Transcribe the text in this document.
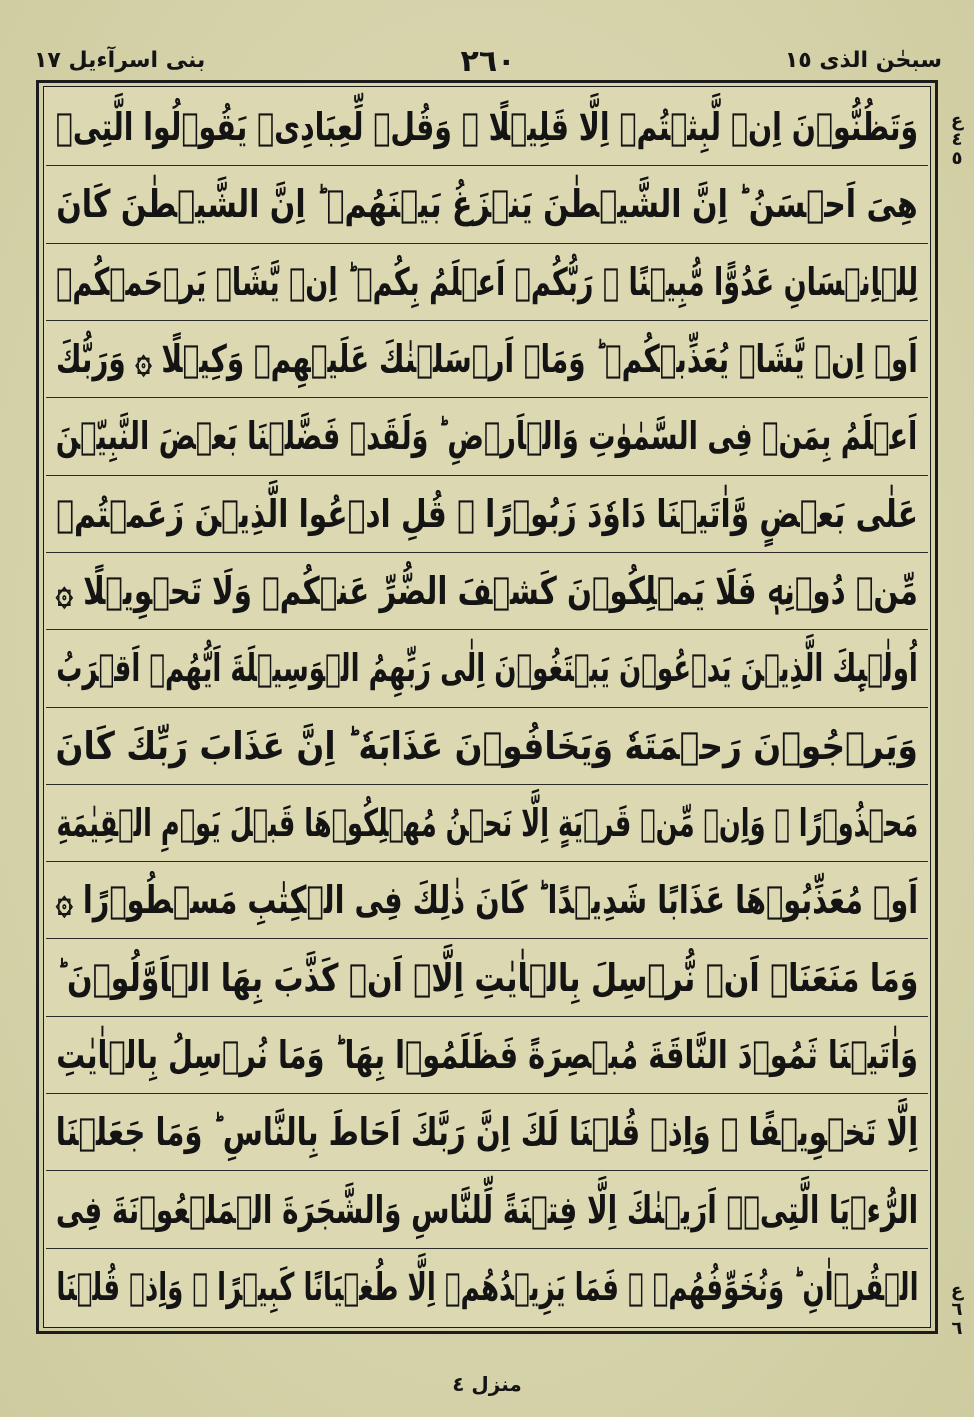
سبحٰن الذی ١٥
٢٦٠
بنی اسرآءیل ١٧
وَتَظُنُّوۡنَ اِنۡ لَّبِثۡتُمۡ اِلَّا قَلِيۡلًا ۞ وَقُلۡ لِّعِبَادِىۡ يَقُوۡلُوا الَّتِىۡ
هِىَ اَحۡسَنُ ؕ اِنَّ الشَّيۡطٰنَ يَنۡزَغُ بَيۡنَهُمۡ ؕ اِنَّ الشَّيۡطٰنَ كَانَ
لِلۡاِنۡسَانِ عَدُوًّا مُّبِيۡنًا ۞ رَبُّكُمۡ اَعۡلَمُ بِكُمۡ ؕ اِنۡ يَّشَاۡ يَرۡحَمۡكُمۡ
اَوۡ اِنۡ يَّشَاۡ يُعَذِّبۡكُمۡ ؕ وَمَاۤ اَرۡسَلۡنٰكَ عَلَيۡهِمۡ وَكِيۡلًا ۞ وَرَبُّكَ
اَعۡلَمُ بِمَنۡ فِى السَّمٰوٰتِ وَالۡاَرۡضِ ؕ وَلَقَدۡ فَضَّلۡنَا بَعۡضَ النَّبِيّٖنَ
عَلٰى بَعۡضٍ وَّاٰتَيۡنَا دَاوٗدَ زَبُوۡرًا ۞ قُلِ ادۡعُوا الَّذِيۡنَ زَعَمۡتُمۡ
مِّنۡ دُوۡنِهٖ فَلَا يَمۡلِكُوۡنَ كَشۡفَ الضُّرِّ عَنۡكُمۡ وَلَا تَحۡوِيۡلًا ۞
اُولٰۤٮِٕكَ الَّذِيۡنَ يَدۡعُوۡنَ يَبۡتَغُوۡنَ اِلٰى رَبِّهِمُ الۡوَسِيۡلَةَ اَيُّهُمۡ اَقۡرَبُ
وَيَرۡجُوۡنَ رَحۡمَتَهٗ وَيَخَافُوۡنَ عَذَابَهٗ ؕ اِنَّ عَذَابَ رَبِّكَ كَانَ
مَحۡذُوۡرًا ۞ وَاِنۡ مِّنۡ قَرۡيَةٍ اِلَّا نَحۡنُ مُهۡلِكُوۡهَا قَبۡلَ يَوۡمِ الۡقِيٰمَةِ
اَوۡ مُعَذِّبُوۡهَا عَذَابًا شَدِيۡدًا ؕ كَانَ ذٰلِكَ فِى الۡكِتٰبِ مَسۡطُوۡرًا ۞
وَمَا مَنَعَنَاۤ اَنۡ نُّرۡسِلَ بِالۡاٰيٰتِ اِلَّاۤ اَنۡ كَذَّبَ بِهَا الۡاَوَّلُوۡنَ ؕ
وَاٰتَيۡنَا ثَمُوۡدَ النَّاقَةَ مُبۡصِرَةً فَظَلَمُوۡا بِهَا ؕ وَمَا نُرۡسِلُ بِالۡاٰيٰتِ
اِلَّا تَخۡوِيۡفًا ۞ وَاِذۡ قُلۡنَا لَكَ اِنَّ رَبَّكَ اَحَاطَ بِالنَّاسِ ؕ وَمَا جَعَلۡنَا
الرُّءۡيَا الَّتِىۡۤ اَرَيۡنٰكَ اِلَّا فِتۡنَةً لِّلنَّاسِ وَالشَّجَرَةَ الۡمَلۡعُوۡنَةَ فِى
الۡقُرۡاٰنِ ؕ وَنُخَوِّفُهُمۡ ۙ فَمَا يَزِيۡدُهُمۡ اِلَّا طُغۡيَانًا كَبِيۡرًا ۞ وَاِذۡ قُلۡنَا
ع ٤ ٥
ع ٦ ٦
منزل ٤
